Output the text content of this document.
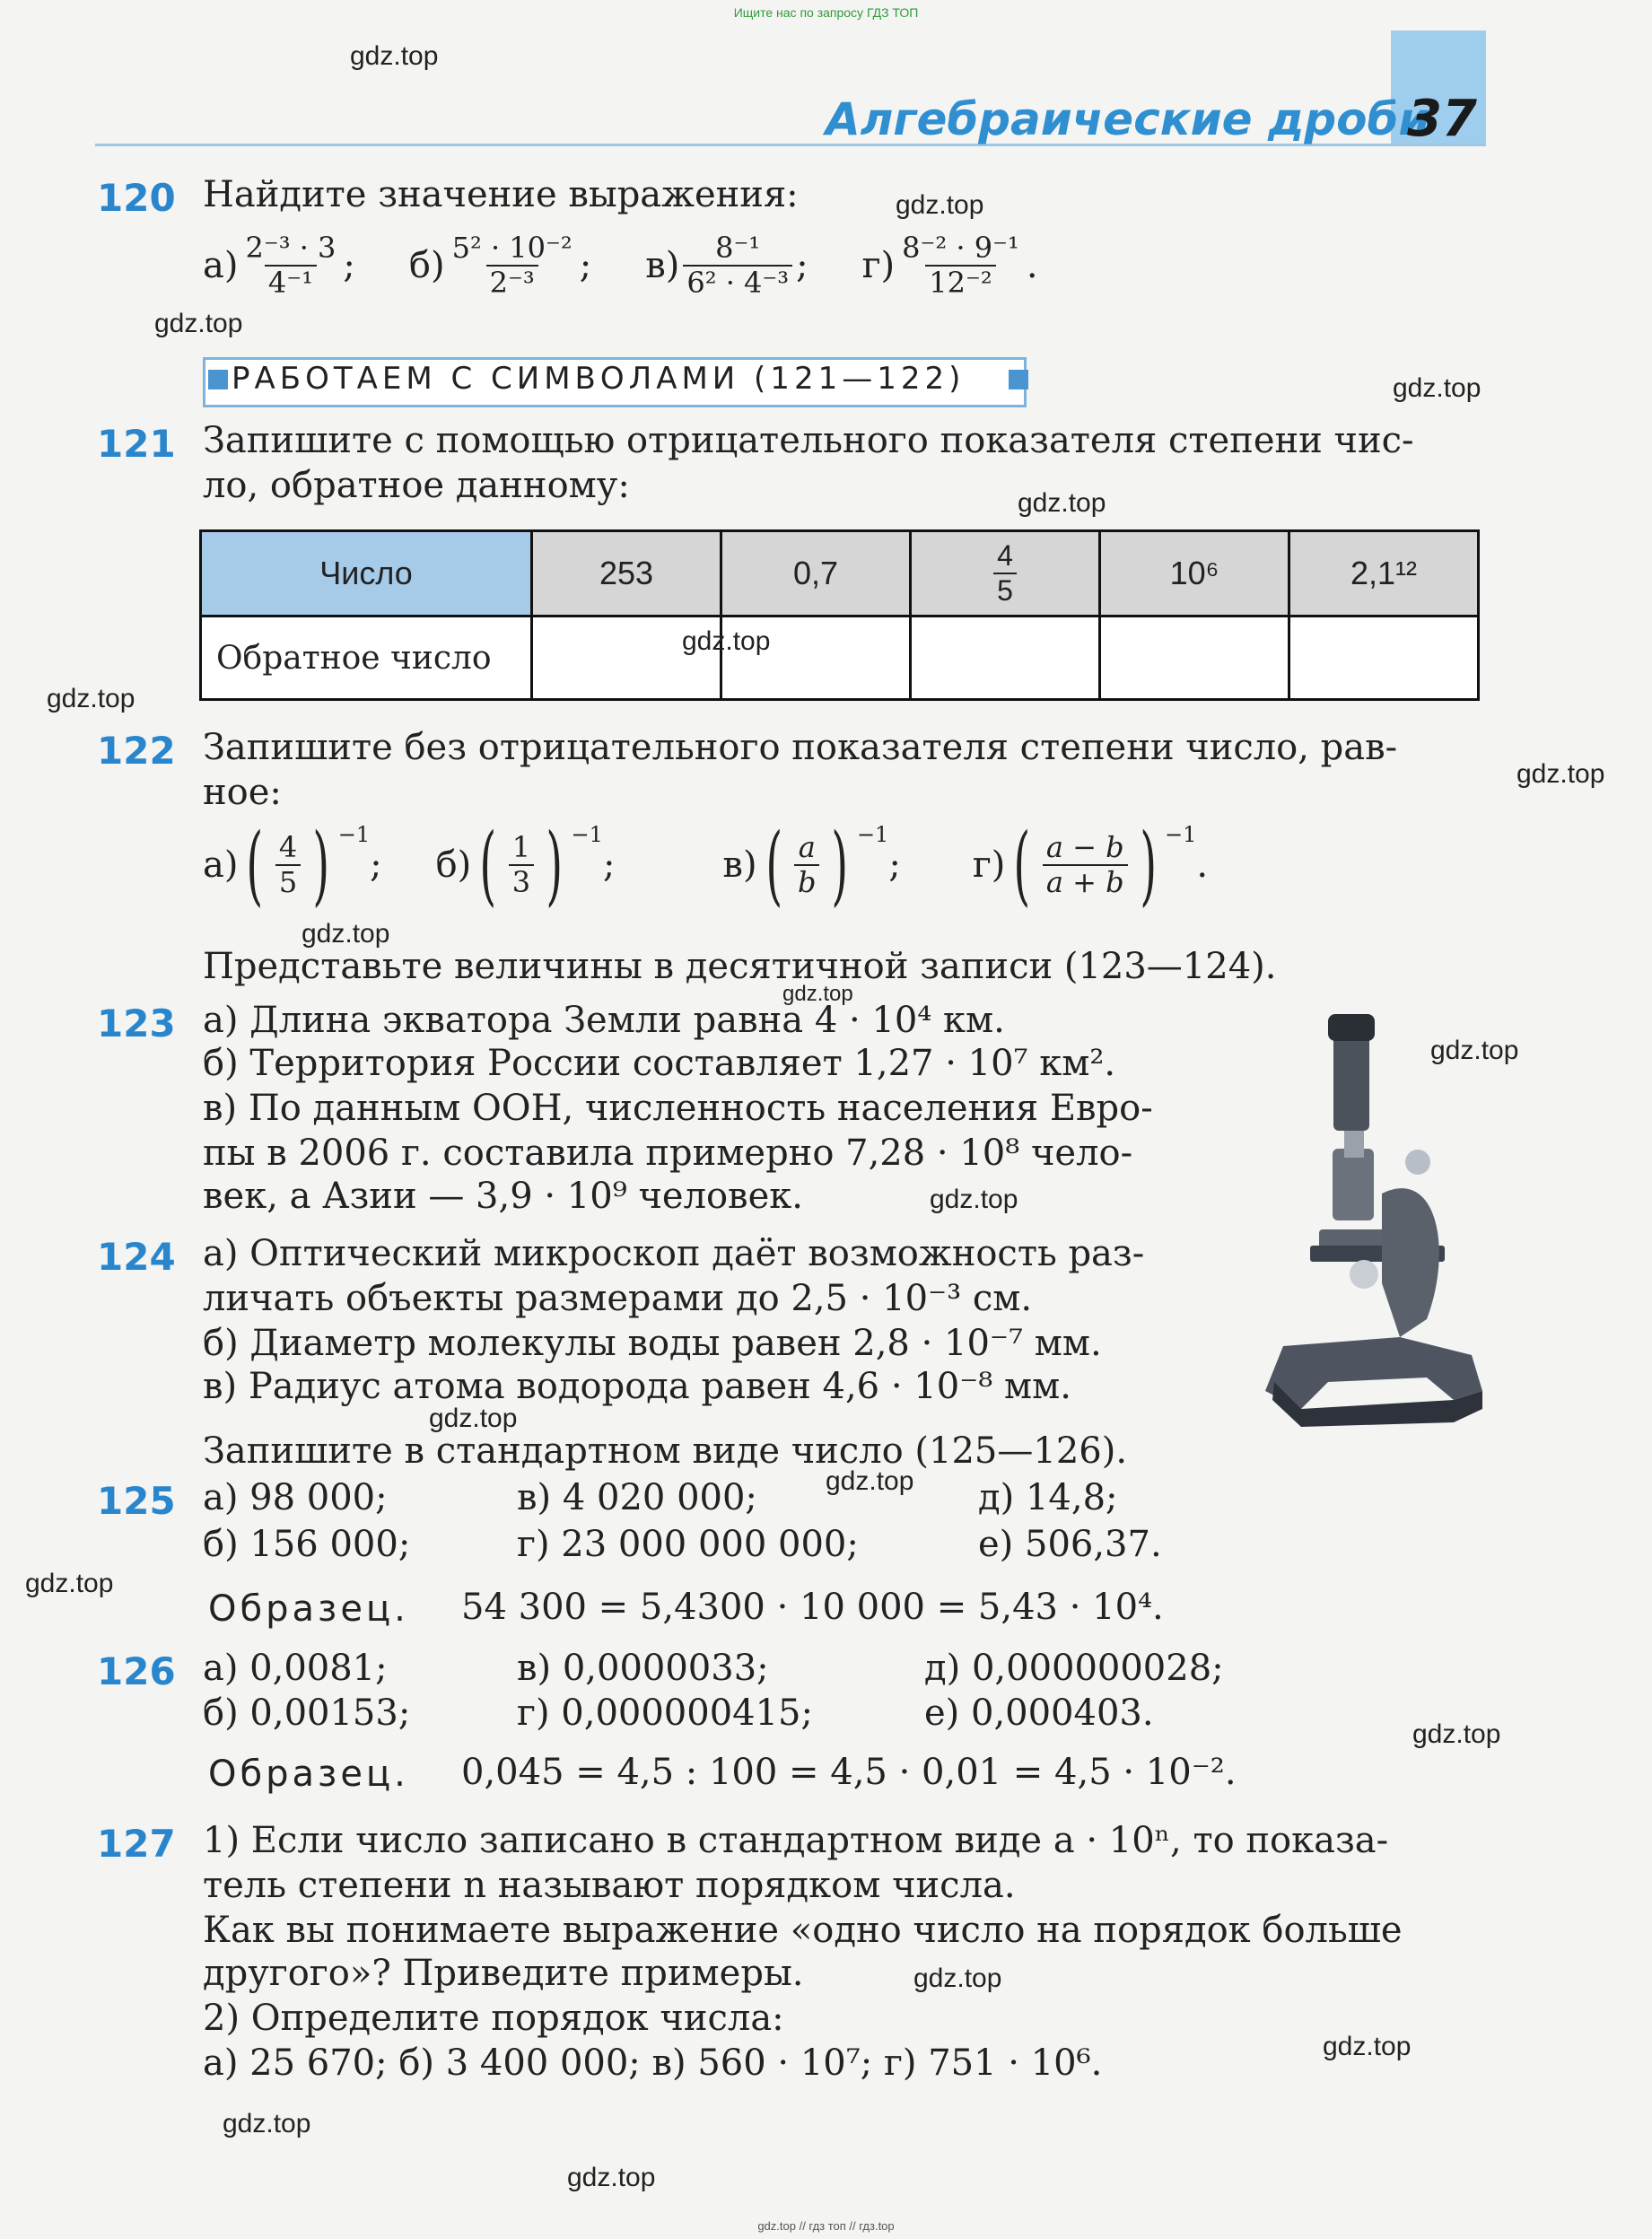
Ищите нас по запросу ГДЗ ТОП
Алгебраические дроби
37
120 Найдите значение выражения:
$а) \frac{\text{2⁻³ · 3}}{\text{4⁻¹}}$ ; $б) \frac{\text{5² · 10⁻²}}{\text{2⁻³}}$ ; $в) \frac{\text{8⁻¹}}{\text{6² · 4⁻³}}$ ; $г) \frac{\text{8⁻² · 9⁻¹}}{\text{12⁻²}}$ .
РАБОТАЕМ С СИМВОЛАМИ (121—122)
121 Запишите с помощью отрицательного показателя степени чис-
ло, обратное данному:
Число	253	0,7	$\frac{4}{5}$	10⁶	2,1¹²
Обратное число					
122 Запишите без отрицательного показателя степени число, рав-
ное:
а) ( $\frac{4}{5}$ ) −1
; б) ( $\frac{1}{3}$ ) −1
;	в) ( $\frac{a}{b}$ ) −1
; г) ( $\frac{a - b}{a + b}$ ) −1
.
Представьте величины в десятичной записи (123—124).
123 а) Длина экватора Земли равна 4 · 10⁴ км.
б) Территория России составляет 1,27 · 10⁷ км².
в) По данным ООН, численность населения Евро-
пы в 2006 г. составила примерно 7,28 · 10⁸ чело-
век, а Азии — 3,9 · 10⁹ человек.
124 а) Оптический микроскоп даёт возможность раз-
личать объекты размерами до 2,5 · 10⁻³ см.
б) Диаметр молекулы воды равен 2,8 · 10⁻⁷ мм.
в) Радиус атома водорода равен 4,6 · 10⁻⁸ мм.
Запишите в стандартном виде число (125—126).
125 а) 98 000;	в) 4 020 000;	д) 14,8;
б) 156 000;	г) 23 000 000 000;	е) 506,37.
Образец. 54 300 = 5,4300 · 10 000 = 5,43 · 10⁴.
126 а) 0,0081;	в) 0,0000033;	д) 0,000000028;
б) 0,00153;	г) 0,000000415;	е) 0,000403.
Образец. 0,045 = 4,5 : 100 = 4,5 · 0,01 = 4,5 · 10⁻².
127 1) Если число записано в стандартном виде a · 10ⁿ, то показа-
тель степени n называют порядком числа.
Как вы понимаете выражение «одно число на порядок больше
другого»? Приведите примеры.
2) Определите порядок числа:
а) 25 670; б) 3 400 000; в) 560 · 10⁷; г) 751 · 10⁶.
gdz.top
gdz.top
gdz.top
gdz.top
gdz.top
gdz.top
gdz.top
gdz.top
gdz.top
gdz.top
gdz.top
gdz.top
gdz.top
gdz.top
gdz.top
gdz.top
gdz.top
gdz.top
gdz.top
gdz.top
gdz.top // гдз топ // гдз.top
